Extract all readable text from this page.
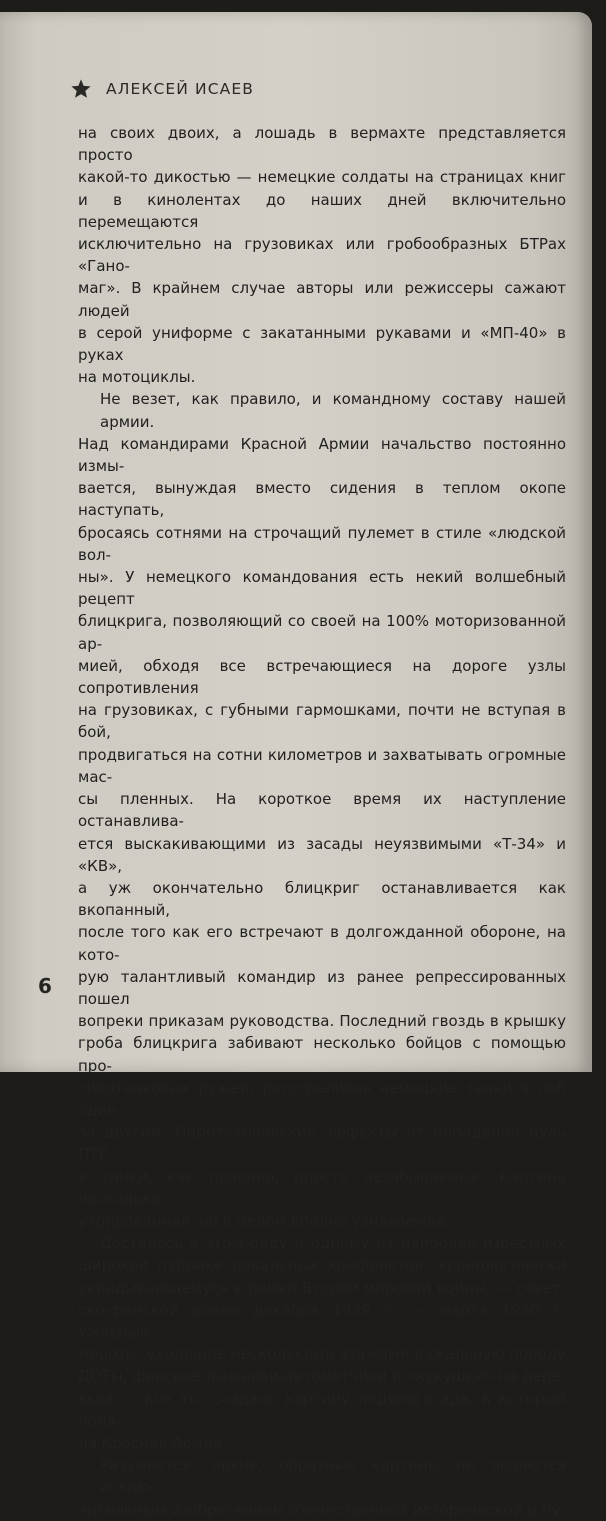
АЛЕКСЕЙ ИСАЕВ
на своих двоих, а лошадь в вермахте представляется просто
какой-то дикостью — немецкие солдаты на страницах книг
и в кинолентах до наших дней включительно перемещаются
исключительно на грузовиках или гробообразных БТРах «Гано-
маг». В крайнем случае авторы или режиссеры сажают людей
в серой униформе с закатанными рукавами и «МП-40» в руках
на мотоциклы.
Не везет, как правило, и командному составу нашей армии.
Над командирами Красной Армии начальство постоянно измы-
вается, вынуждая вместо сидения в теплом окопе наступать,
бросаясь сотнями на строчащий пулемет в стиле «людской вол-
ны». У немецкого командования есть некий волшебный рецепт
блицкрига, позволяющий со своей на 100% моторизованной ар-
мией, обходя все встречающиеся на дороге узлы сопротивления
на грузовиках, с губными гармошками, почти не вступая в бой,
продвигаться на сотни километров и захватывать огромные мас-
сы пленных. На короткое время их наступление останавлива-
ется выскакивающими из засады неуязвимыми «Т-34» и «КВ»,
а уж окончательно блицкриг останавливается как вкопанный,
после того как его встречают в долгожданной обороне, на кото-
рую талантливый командир из ранее репрессированных пошел
вопреки приказам руководства. Последний гвоздь в крышку
гроба блицкрига забивают несколько бойцов с помощью про-
тивотанковых ружей, расстреливая немецкие танки в лоб один
за другим. Пиротехнические эффекты от попаданий пуль ПТР
в танки, как правило, просто незабываемые. Картина несколько
утрированная, но в целом вполне узнаваемая.
Досталось в этом ряду и одному из наиболее известных
широкой публике локальных конфликтов, хронологически
укладывающемуся в рамки Второй мировой войны, — совет-
ско-финской войне декабря 1939 г. — марта 1940 г. Ужасные
морозы, уходящие несколькими этажами в скальную породу
ДОТы, финские лыжники-автоматчики и «кукушки» на дере-
вьях — все это создало картину ледяного ада, в который попа-
ла Красная Армия.
Разумеется, яркие, образные картины не являются исклю-
чительным изобретением отечественной исторической и пу-
6
